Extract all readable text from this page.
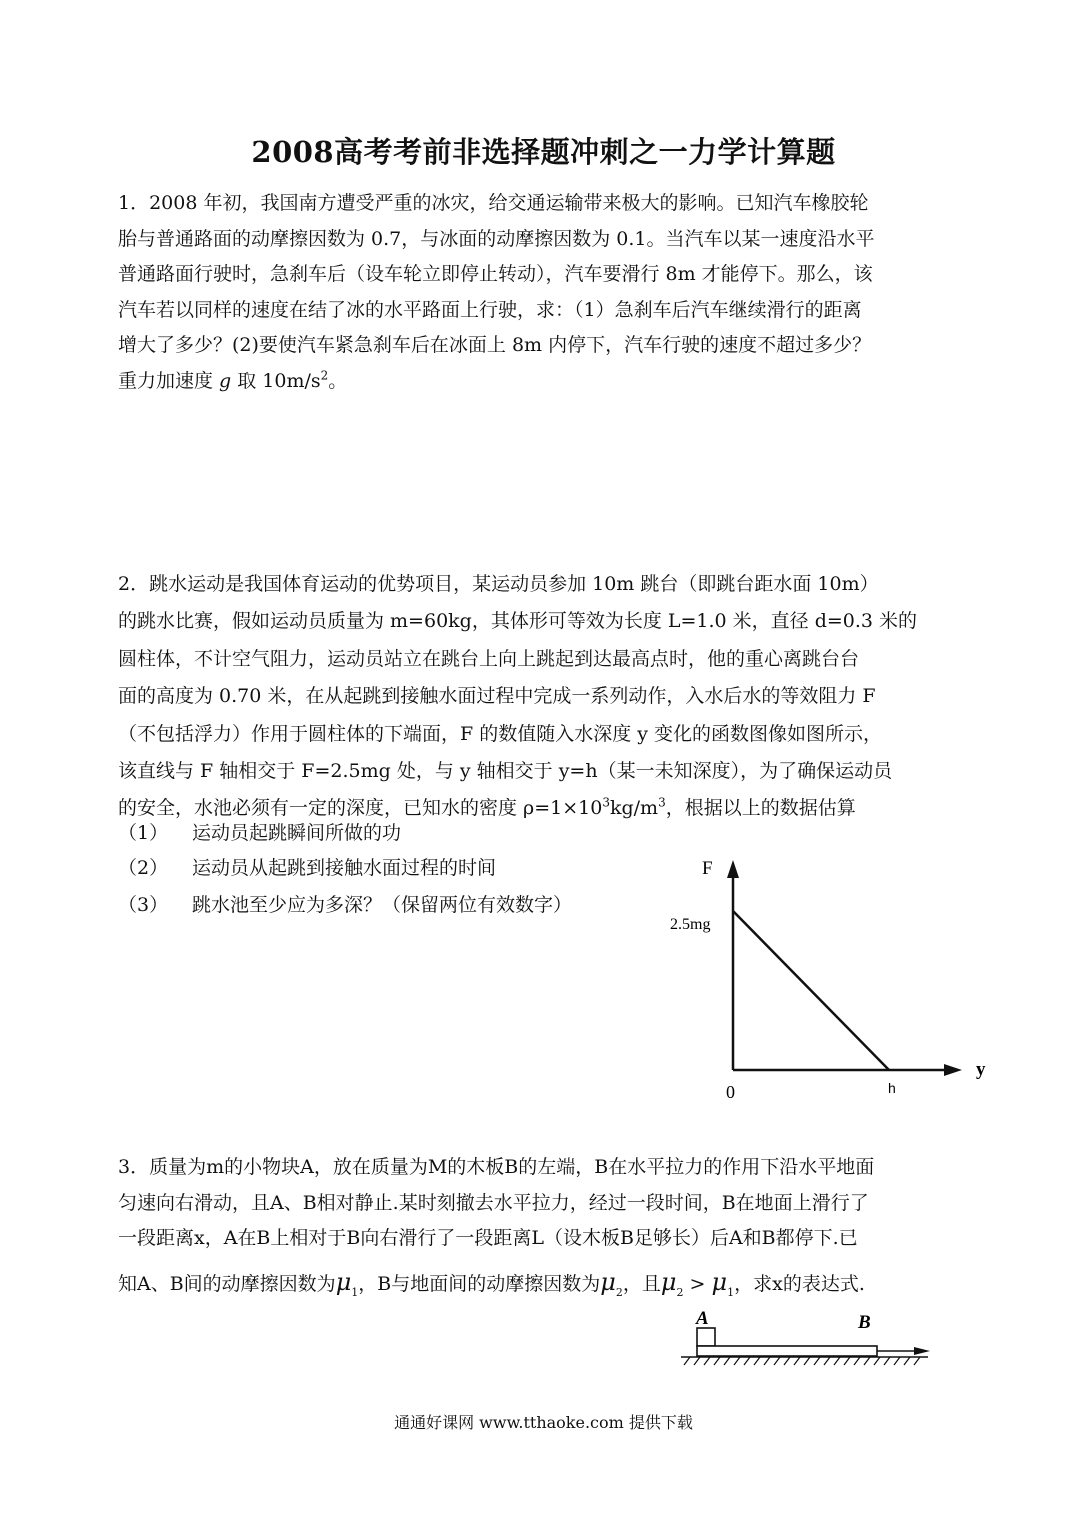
2008高考考前非选择题冲刺之一力学计算题
1．2008 年初，我国南方遭受严重的冰灾，给交通运输带来极大的影响。已知汽车橡胶轮
胎与普通路面的动摩擦因数为 0.7，与冰面的动摩擦因数为 0.1。当汽车以某一速度沿水平
普通路面行驶时，急刹车后（设车轮立即停止转动），汽车要滑行 8m 才能停下。那么，该
汽车若以同样的速度在结了冰的水平路面上行驶，求：（1）急刹车后汽车继续滑行的距离
增大了多少？(2)要使汽车紧急刹车后在冰面上 8m 内停下，汽车行驶的速度不超过多少？
重力加速度 g 取 $10m/s^2$。
2．跳水运动是我国体育运动的优势项目，某运动员参加 10m 跳台（即跳台距水面 10m）
的跳水比赛，假如运动员质量为 m=60kg，其体形可等效为长度 L=1.0 米，直径 d=0.3 米的
圆柱体，不计空气阻力，运动员站立在跳台上向上跳起到达最高点时，他的重心离跳台台
面的高度为 0.70 米，在从起跳到接触水面过程中完成一系列动作，入水后水的等效阻力 F
（不包括浮力）作用于圆柱体的下端面，F 的数值随入水深度 y 变化的函数图像如图所示，
该直线与 F 轴相交于 F=2.5mg 处，与 y 轴相交于 y=h（某一未知深度），为了确保运动员
的安全，水池必须有一定的深度，已知水的密度 $\rho=1\times 10^3kg/m^3$，根据以上的数据估算
（1） 运动员起跳瞬间所做的功
（2） 运动员从起跳到接触水面过程的时间
（3） 跳水池至少应为多深？（保留两位有效数字）
F
y
0
2.5mg
h
3．质量为m的小物块A，放在质量为M的木板B的左端，B在水平拉力的作用下沿水平地面
匀速向右滑动，且A、B相对静止.某时刻撤去水平拉力，经过一段时间，B在地面上滑行了
一段距离x，A在B上相对于B向右滑行了一段距离L（设木板B足够长）后A和B都停下.已
知A、B间的动摩擦因数为$\mu_1$，B与地面间的动摩擦因数为$\mu_2$，且$\mu_2 > \mu_1$，求x的表达式.
A	B
通通好课网 www.tthaoke.com 提供下载
